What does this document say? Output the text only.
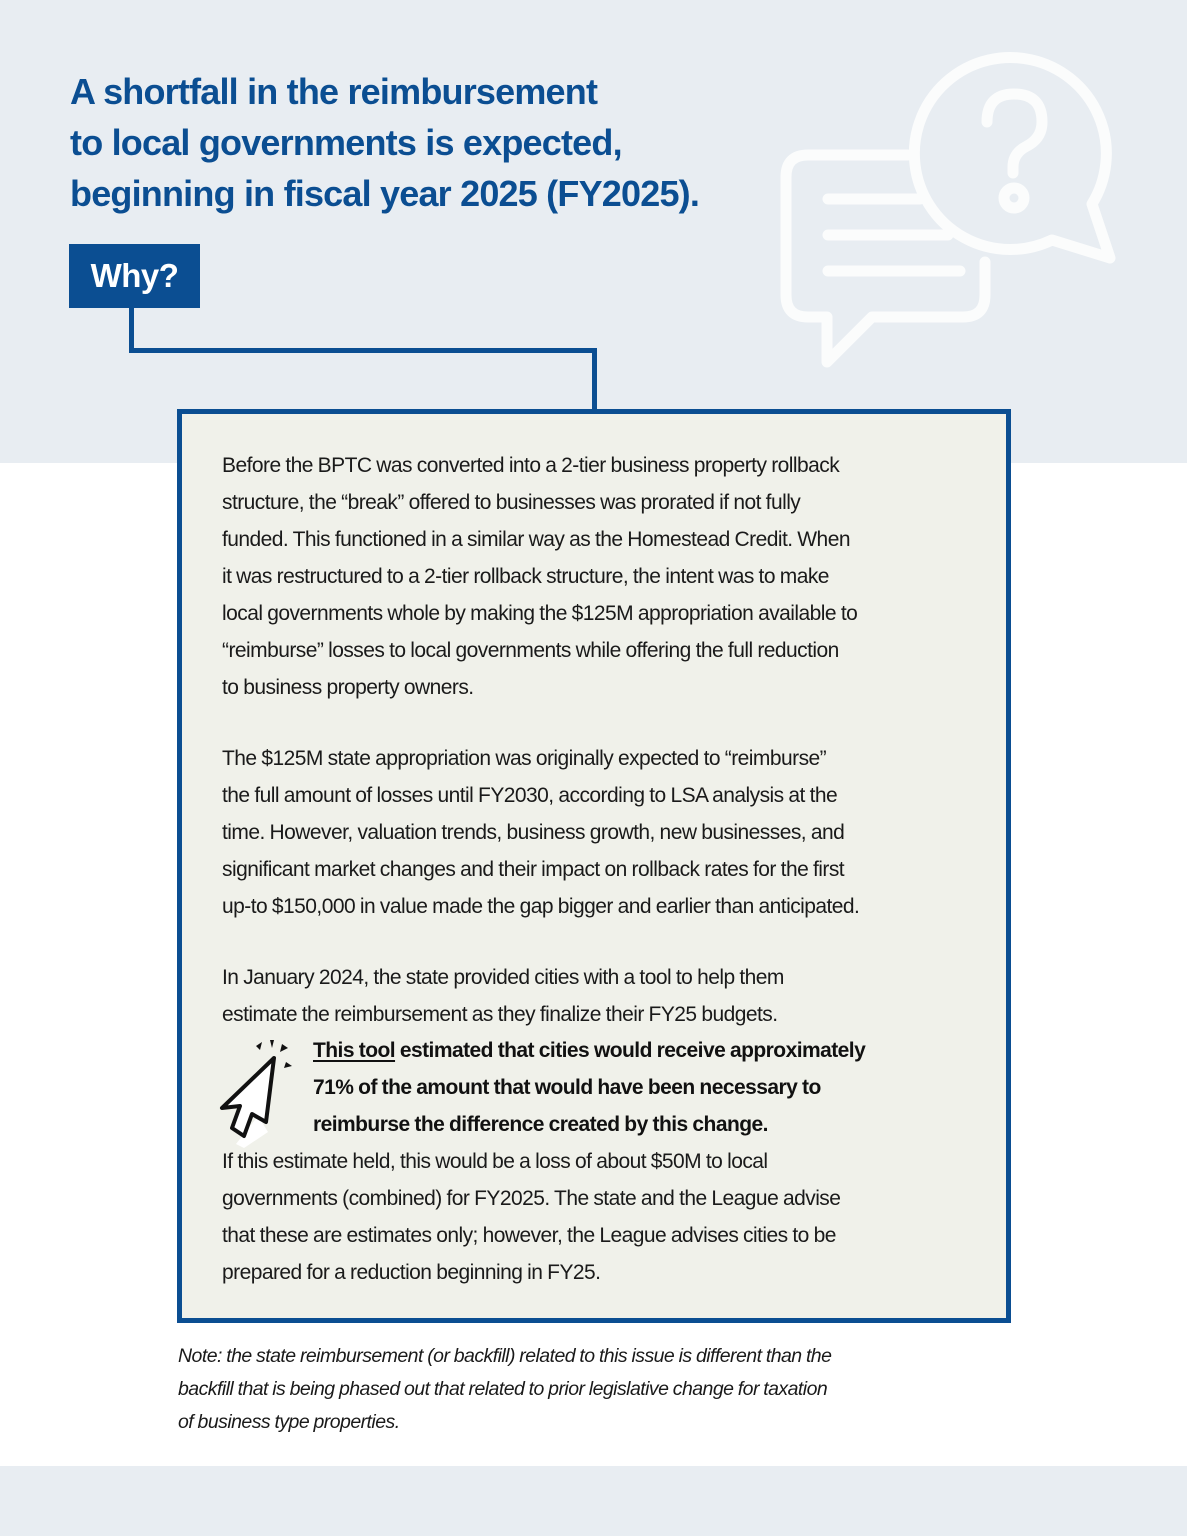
A shortfall in the reimbursement
to local governments is expected,
beginning in fiscal year 2025 (FY2025).
Why?

Before the BPTC was converted into a 2-tier business property rollback
structure, the “break” offered to businesses was prorated if not fully
funded. This functioned in a similar way as the Homestead Credit. When
it was restructured to a 2-tier rollback structure, the intent was to make
local governments whole by making the $125M appropriation available to
“reimburse” losses to local governments while offering the full reduction
to business property owners.

The $125M state appropriation was originally expected to “reimburse”
the full amount of losses until FY2030, according to LSA analysis at the
time. However, valuation trends, business growth, new businesses, and
significant market changes and their impact on rollback rates for the first
up-to $150,000 in value made the gap bigger and earlier than anticipated.

In January 2024, the state provided cities with a tool to help them
estimate the reimbursement as they finalize their FY25 budgets.

This tool estimated that cities would receive approximately
71% of the amount that would have been necessary to
reimburse the difference created by this change.

If this estimate held, this would be a loss of about $50M to local
governments (combined) for FY2025. The state and the League advise
that these are estimates only; however, the League advises cities to be
prepared for a reduction beginning in FY25.

Note: the state reimbursement (or backfill) related to this issue is different than the
backfill that is being phased out that related to prior legislative change for taxation
of business type properties.
